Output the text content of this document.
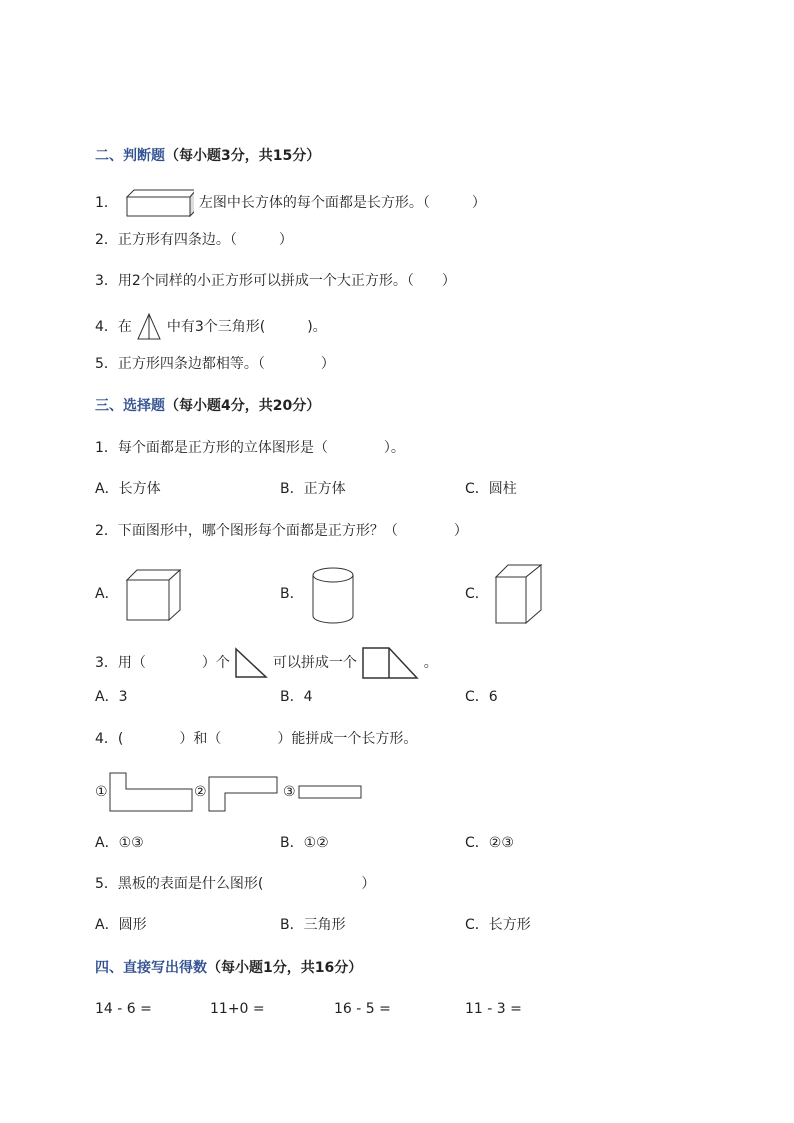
二、判断题（每小题3分，共15分）
1．	左图中长方体的每个面都是长方形。（　　　）
2．正方形有四条边。（　　　）
3．用2个同样的小正方形可以拼成一个大正方形。（　　）
4．在 中有3个三角形(　　　)。
5．正方形四条边都相等。（　　　　）
三、选择题（每小题4分，共20分）
1．每个面都是正方形的立体图形是（　　　　）。
A．长方体	B．正方体	C．圆柱
2．下面图形中，哪个图形每个面都是正方形？（　　　　）
A．	B．	C．
3．用（　　　　）个	可以拼成一个	。
A．3	B．4	C．6
4．(　　　　）和（　　　　）能拼成一个长方形。
①	②	③
A．①③	B．①②	C．②③
5．黑板的表面是什么图形(　　　　　　　）
A．圆形	B．三角形	C．长方形
四、直接写出得数（每小题1分，共16分）
14 - 6 =	11+0 =	16 - 5 =	11 - 3 =
